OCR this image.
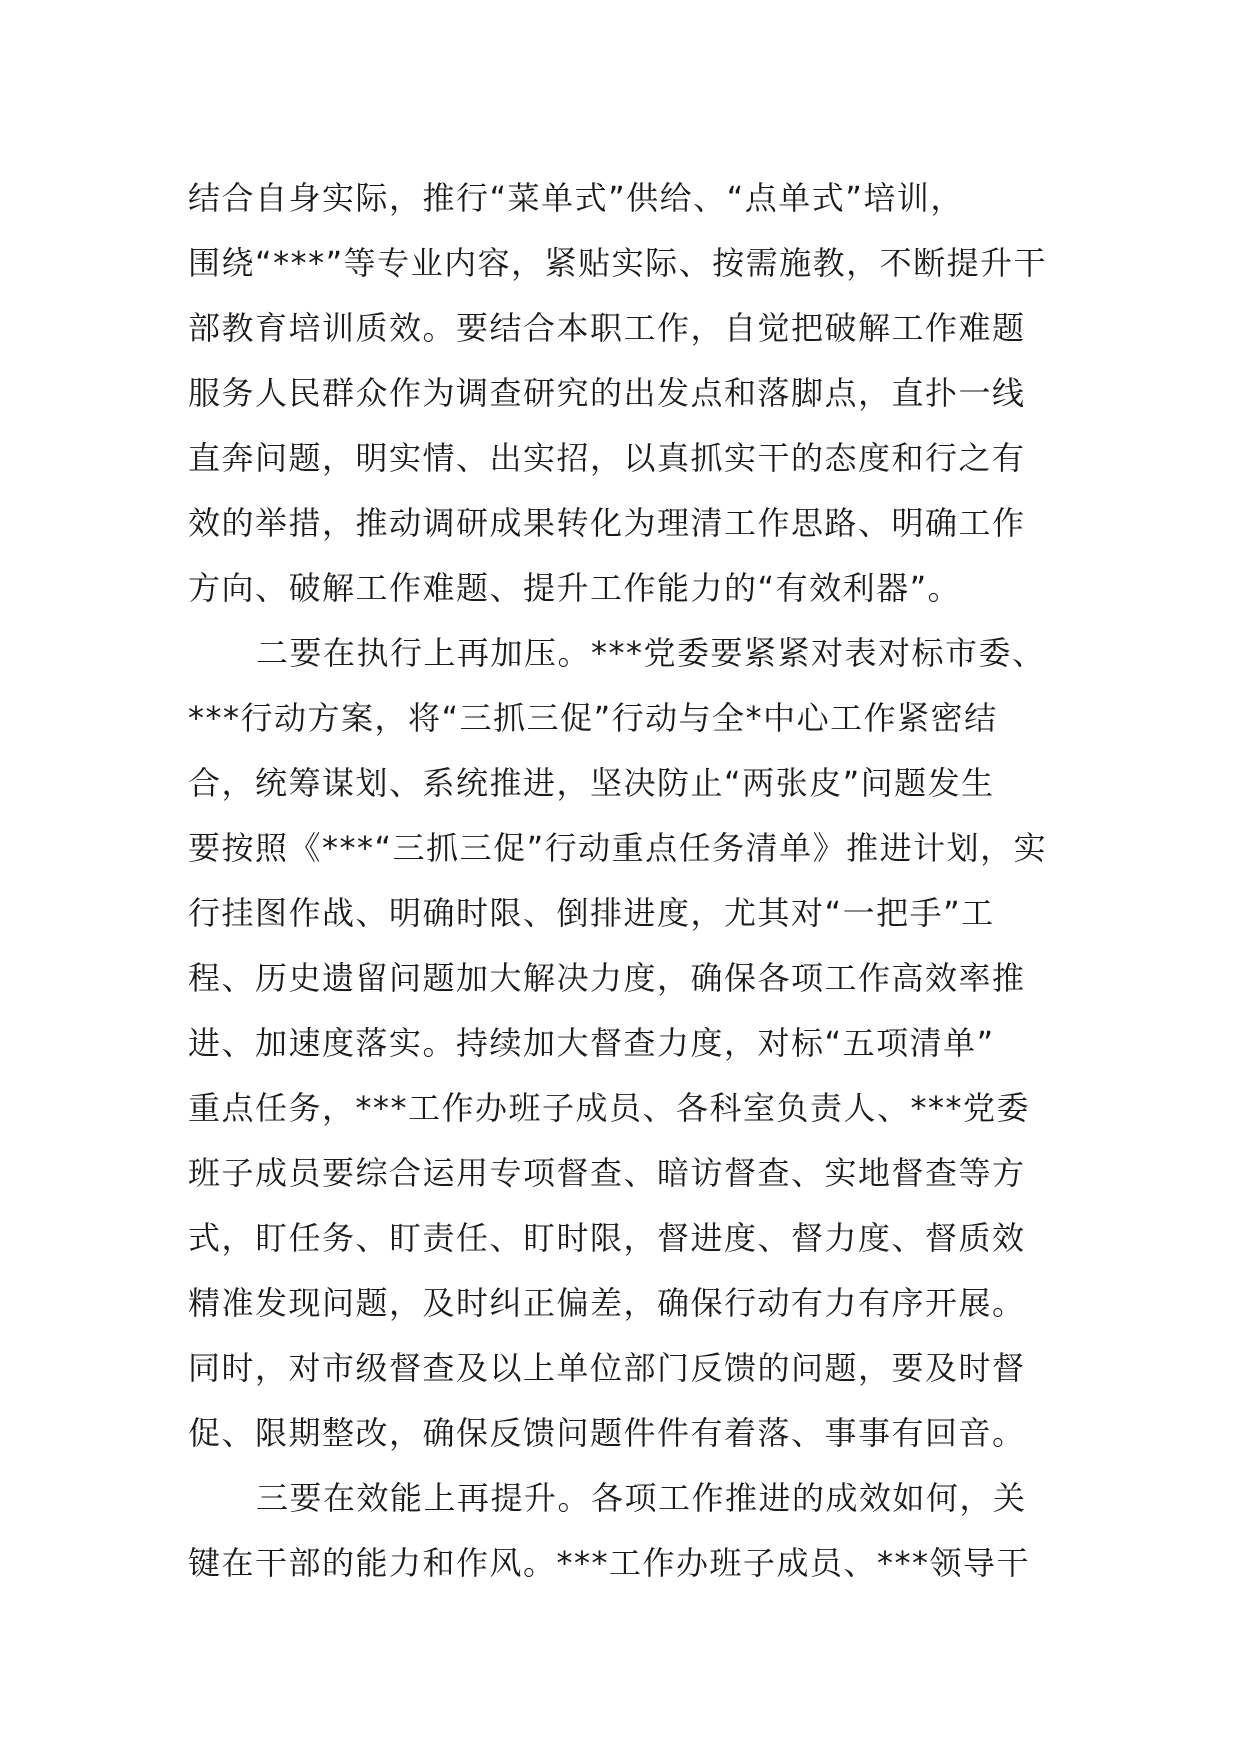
结合自身实际，推行“菜单式”供给、“点单式”培训，
围绕“***”等专业内容，紧贴实际、按需施教，不断提升干
部教育培训质效。要结合本职工作，自觉把破解工作难题
服务人民群众作为调查研究的出发点和落脚点，直扑一线
直奔问题，明实情、出实招，以真抓实干的态度和行之有
效的举措，推动调研成果转化为理清工作思路、明确工作
方向、破解工作难题、提升工作能力的“有效利器”。
二要在执行上再加压。***党委要紧紧对表对标市委、
***行动方案，将“三抓三促”行动与全*中心工作紧密结
合，统筹谋划、系统推进，坚决防止“两张皮”问题发生
要按照《***“三抓三促”行动重点任务清单》推进计划，实
行挂图作战、明确时限、倒排进度，尤其对“一把手”工
程、历史遗留问题加大解决力度，确保各项工作高效率推
进、加速度落实。持续加大督查力度，对标“五项清单”
重点任务，***工作办班子成员、各科室负责人、***党委
班子成员要综合运用专项督查、暗访督查、实地督查等方
式，盯任务、盯责任、盯时限，督进度、督力度、督质效
精准发现问题，及时纠正偏差，确保行动有力有序开展。
同时，对市级督查及以上单位部门反馈的问题，要及时督
促、限期整改，确保反馈问题件件有着落、事事有回音。
三要在效能上再提升。各项工作推进的成效如何，关
键在干部的能力和作风。***工作办班子成员、***领导干
